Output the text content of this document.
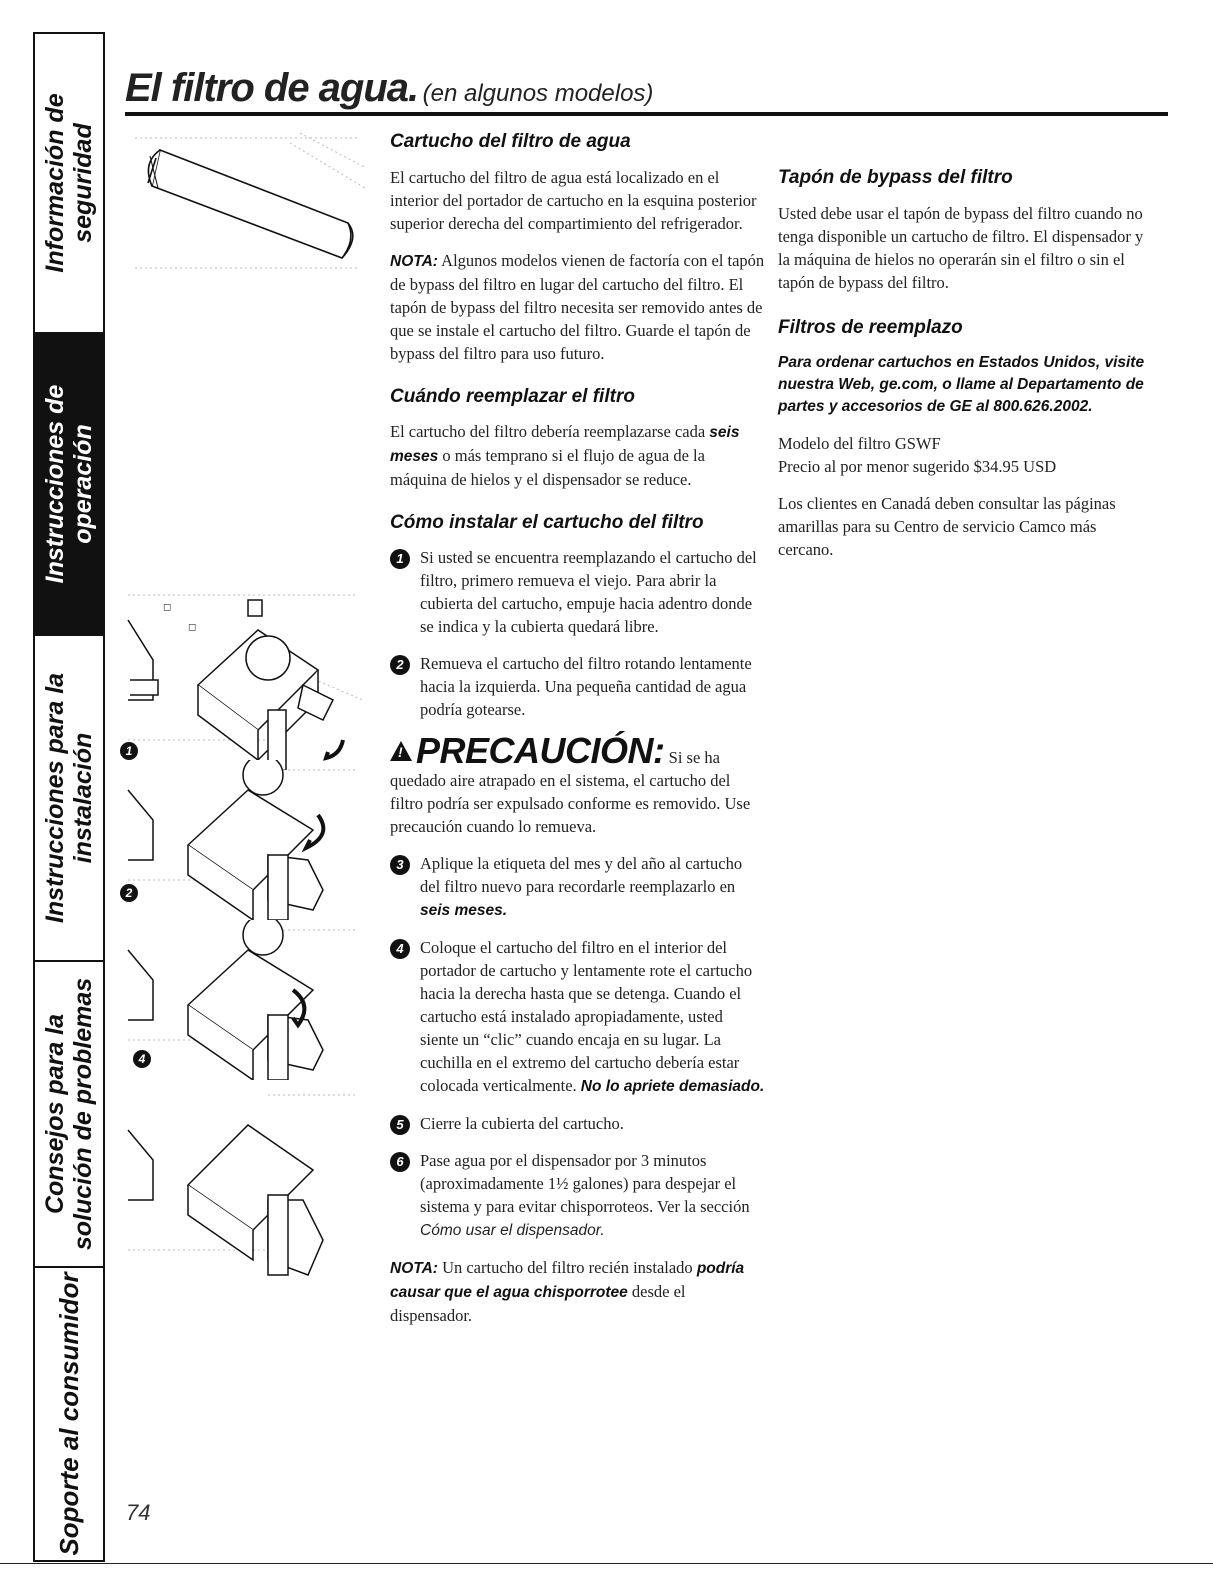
Información de seguridad
Instrucciones de operación
Instrucciones para la instalación
Consejos para la solución de problemas
Soporte al consumidor
El filtro de agua. (en algunos modelos)
◻
◻
1
2
4
Cartucho del filtro de agua

El cartucho del filtro de agua está localizado en el interior del portador de cartucho en la esquina posterior superior derecha del compartimiento del refrigerador.

NOTA: Algunos modelos vienen de factoría con el tapón de bypass del filtro en lugar del cartucho del filtro. El tapón de bypass del filtro necesita ser removido antes de que se instale el cartucho del filtro. Guarde el tapón de bypass del filtro para uso futuro.

Cuándo reemplazar el filtro

El cartucho del filtro debería reemplazarse cada seis meses o más temprano si el flujo de agua de la máquina de hielos y el dispensador se reduce.

Cómo instalar el cartucho del filtro
1 Si usted se encuentra reemplazando el cartucho del filtro, primero remueva el viejo. Para abrir la cubierta del cartucho, empuje hacia adentro donde se indica y la cubierta quedará libre.
2 Remueva el cartucho del filtro rotando lentamente hacia la izquierda. Una pequeña cantidad de agua podría gotearse.

!PRECAUCIÓN: Si se ha quedado aire atrapado en el sistema, el cartucho del filtro podría ser expulsado conforme es removido. Use precaución cuando lo remueva.

3 Aplique la etiqueta del mes y del año al cartucho del filtro nuevo para recordarle reemplazarlo en seis meses.
4 Coloque el cartucho del filtro en el interior del portador de cartucho y lentamente rote el cartucho hacia la derecha hasta que se detenga. Cuando el cartucho está instalado apropiadamente, usted siente un “clic” cuando encaja en su lugar. La cuchilla en el extremo del cartucho debería estar colocada verticalmente. No lo apriete demasiado.
5 Cierre la cubierta del cartucho.
6 Pase agua por el dispensador por 3 minutos (aproximadamente 1½ galones) para despejar el sistema y para evitar chisporroteos. Ver la sección Cómo usar el dispensador.

NOTA: Un cartucho del filtro recién instalado podría causar que el agua chisporrotee desde el dispensador.

Tapón de bypass del filtro

Usted debe usar el tapón de bypass del filtro cuando no tenga disponible un cartucho de filtro. El dispensador y la máquina de hielos no operarán sin el filtro o sin el tapón de bypass del filtro.

Filtros de reemplazo

Para ordenar cartuchos en Estados Unidos, visite nuestra Web, ge.com, o llame al Departamento de partes y accesorios de GE al 800.626.2002.

Modelo del filtro GSWF

Precio al por menor sugerido $34.95 USD

Los clientes en Canadá deben consultar las páginas amarillas para su Centro de servicio Camco más cercano.

74
